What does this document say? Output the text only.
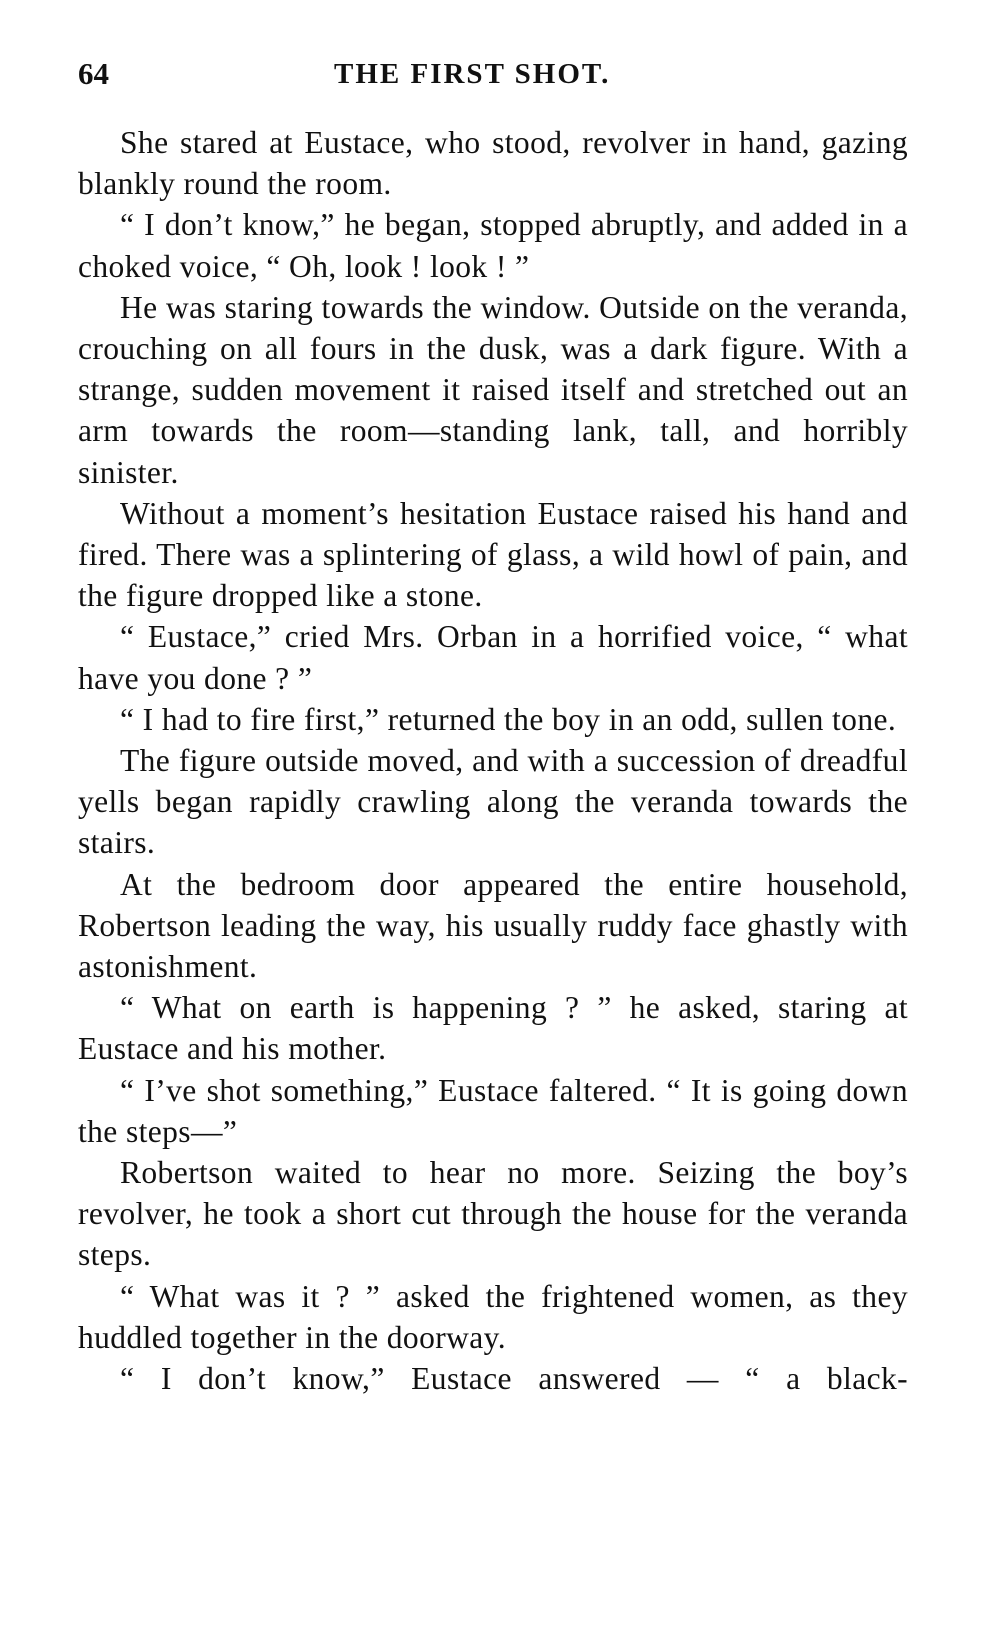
64	THE FIRST SHOT.

She stared at Eustace, who stood, revolver in hand, gazing blankly round the room.

“ I don’t know,” he began, stopped abruptly, and added in a choked voice, “ Oh, look ! look ! ”

He was staring towards the window. Outside on the veranda, crouching on all fours in the dusk, was a dark figure. With a strange, sudden movement it raised itself and stretched out an arm towards the room—standing lank, tall, and horribly sinister.

Without a moment’s hesitation Eustace raised his hand and fired. There was a splintering of glass, a wild howl of pain, and the figure dropped like a stone.

“ Eustace,” cried Mrs. Orban in a horrified voice, “ what have you done ? ”

“ I had to fire first,” returned the boy in an odd, sullen tone.

The figure outside moved, and with a succession of dreadful yells began rapidly crawling along the veranda towards the stairs.

At the bedroom door appeared the entire household, Robertson leading the way, his usually ruddy face ghastly with astonishment.

“ What on earth is happening ? ” he asked, staring at Eustace and his mother.

“ I’ve shot something,” Eustace faltered. “ It is going down the steps—”

Robertson waited to hear no more. Seizing the boy’s revolver, he took a short cut through the house for the veranda steps.

“ What was it ? ” asked the frightened women, as they huddled together in the doorway.

“ I don’t know,” Eustace answered — “ a black-
